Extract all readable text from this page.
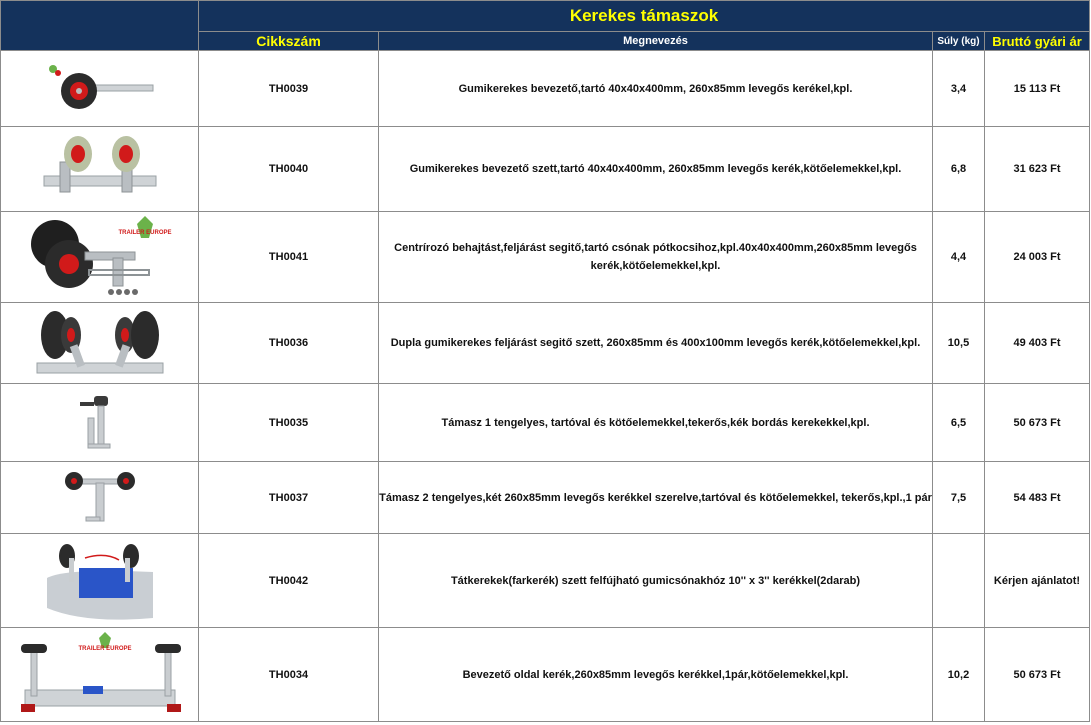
	Kerekes támaszok			
	Cikkszám	Megnevezés	Súly (kg)	Bruttó gyári ár

	TH0039	Gumikerekes bevezető,tartó 40x40x400mm, 260x85mm levegős kerékel,kpl.	3,4	15 113 Ft

	TH0040	Gumikerekes bevezető szett,tartó 40x40x400mm, 260x85mm levegős kerék,kötőelemekkel,kpl.	6,8	31 623 Ft

TRAILER EUROPE	TH0041	Centrírozó behajtást,feljárást segitő,tartó csónak pótkocsihoz,kpl.40x40x400mm,260x85mm levegős kerék,kötőelemekkel,kpl.	4,4	24 003 Ft

	TH0036	Dupla gumikerekes feljárást segitő szett, 260x85mm és 400x100mm levegős kerék,kötőelemekkel,kpl.	10,5	49 403 Ft

	TH0035	Támasz 1 tengelyes, tartóval és kötőelemekkel,tekerős,kék bordás kerekekkel,kpl.	6,5	50 673 Ft

	TH0037	Támasz 2 tengelyes,két 260x85mm levegős kerékkel szerelve,tartóval és kötőelemekkel, tekerős,kpl.,1 pár	7,5	54 483 Ft

	TH0042	Tátkerekek(farkerék) szett felfújható gumicsónakhóz 10'' x 3'' kerékkel(2darab)		Kérjen ajánlatot!

TRAILER EUROPE	TH0034	Bevezető oldal kerék,260x85mm levegős kerékkel,1pár,kötőelemekkel,kpl.	10,2	50 673 Ft
